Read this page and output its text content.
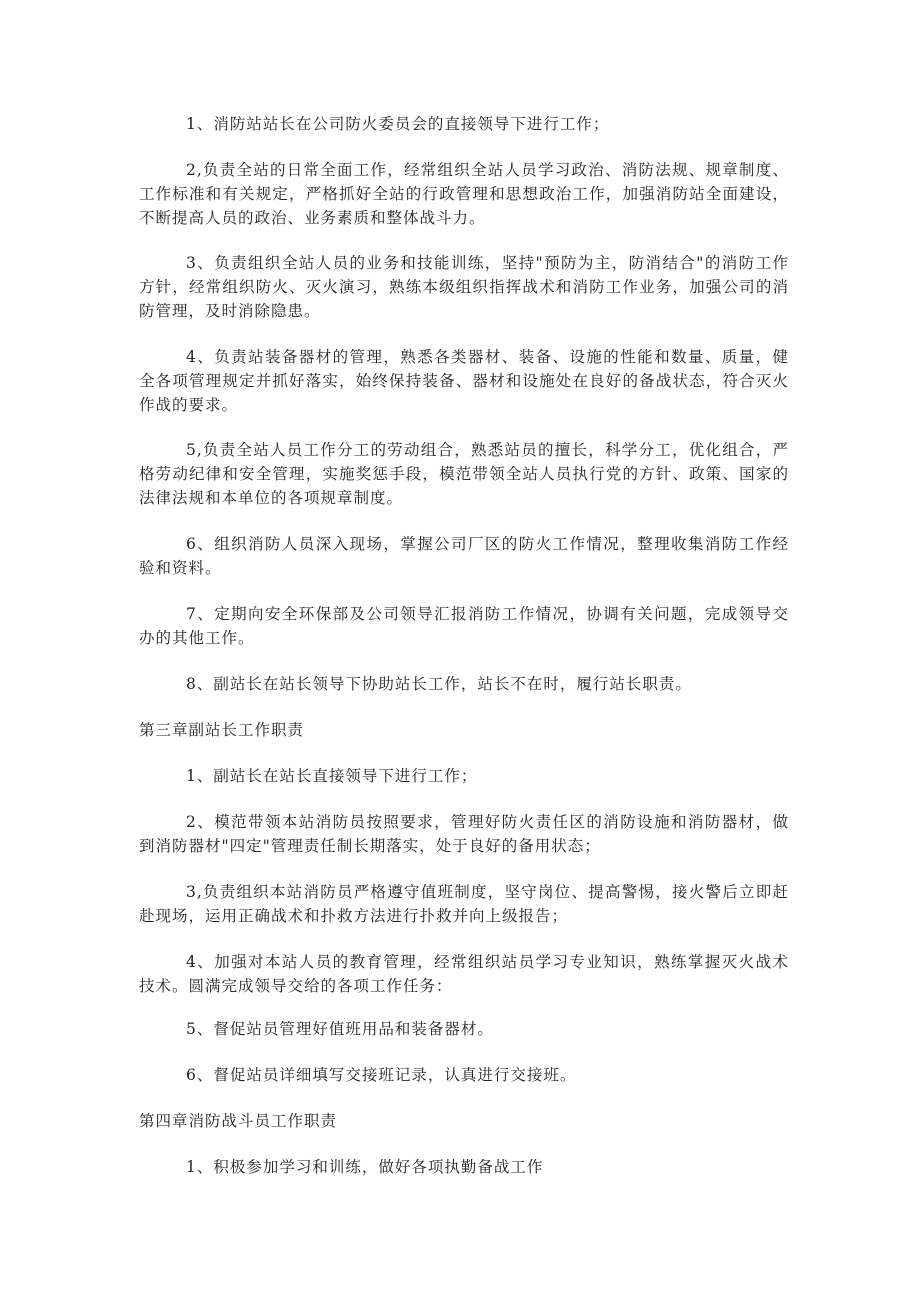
1、消防站站长在公司防火委员会的直接领导下进行工作；

2,负责全站的日常全面工作，经常组织全站人员学习政治、消防法规、规章制度、工作标准和有关规定，严格抓好全站的行政管理和思想政治工作，加强消防站全面建设，不断提高人员的政治、业务素质和整体战斗力。

3、负责组织全站人员的业务和技能训练，坚持"预防为主，防消结合"的消防工作方针，经常组织防火、灭火演习，熟练本级组织指挥战术和消防工作业务，加强公司的消防管理，及时消除隐患。

4、负责站装备器材的管理，熟悉各类器材、装备、设施的性能和数量、质量，健全各项管理规定并抓好落实，始终保持装备、器材和设施处在良好的备战状态，符合灭火作战的要求。

5,负责全站人员工作分工的劳动组合，熟悉站员的擅长，科学分工，优化组合，严格劳动纪律和安全管理，实施奖惩手段，模范带领全站人员执行党的方针、政策、国家的法律法规和本单位的各项规章制度。

6、组织消防人员深入现场，掌握公司厂区的防火工作情况，整理收集消防工作经验和资料。

7、定期向安全环保部及公司领导汇报消防工作情况，协调有关问题，完成领导交办的其他工作。

8、副站长在站长领导下协助站长工作，站长不在时，履行站长职责。

第三章副站长工作职责

1、副站长在站长直接领导下进行工作；

2、模范带领本站消防员按照要求，管理好防火责任区的消防设施和消防器材，做到消防器材"四定"管理责任制长期落实，处于良好的备用状态；

3,负责组织本站消防员严格遵守值班制度，坚守岗位、提高警惕，接火警后立即赶赴现场，运用正确战术和扑救方法进行扑救并向上级报告；

4、加强对本站人员的教育管理，经常组织站员学习专业知识，熟练掌握灭火战术技术。圆满完成领导交给的各项工作任务：

5、督促站员管理好值班用品和装备器材。

6、督促站员详细填写交接班记录，认真进行交接班。

第四章消防战斗员工作职责

1、积极参加学习和训练，做好各项执勤备战工作
